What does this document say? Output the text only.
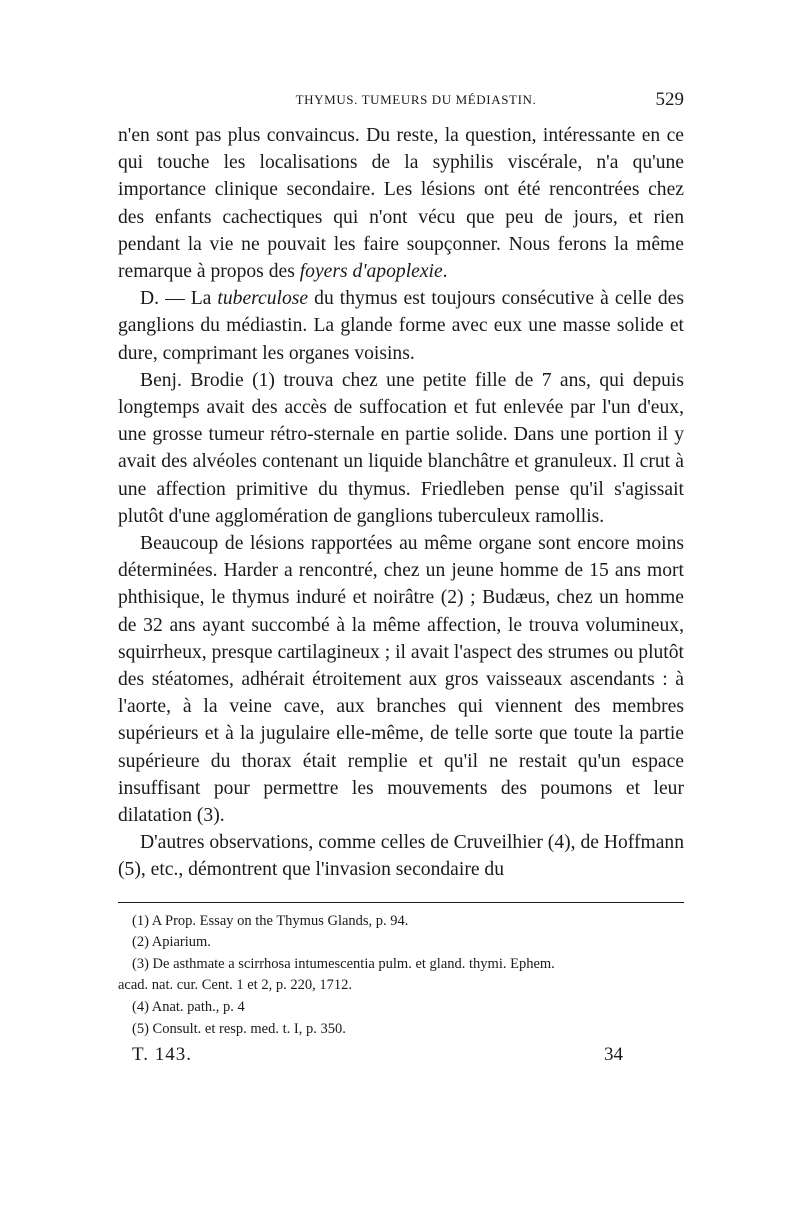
THYMUS. TUMEURS DU MÉDIASTIN.	529

n'en sont pas plus convaincus. Du reste, la question, intéressante en ce qui touche les localisations de la syphilis viscérale, n'a qu'une importance clinique secondaire. Les lésions ont été rencontrées chez des enfants cachectiques qui n'ont vécu que peu de jours, et rien pendant la vie ne pouvait les faire soupçonner. Nous ferons la même remarque à propos des foyers d'apoplexie.

D. — La tuberculose du thymus est toujours consécutive à celle des ganglions du médiastin. La glande forme avec eux une masse solide et dure, comprimant les organes voisins.

Benj. Brodie (1) trouva chez une petite fille de 7 ans, qui depuis longtemps avait des accès de suffocation et fut enlevée par l'un d'eux, une grosse tumeur rétro-sternale en partie solide. Dans une portion il y avait des alvéoles contenant un liquide blanchâtre et granuleux. Il crut à une affection primitive du thymus. Friedleben pense qu'il s'agissait plutôt d'une agglomération de ganglions tuberculeux ramollis.

Beaucoup de lésions rapportées au même organe sont encore moins déterminées. Harder a rencontré, chez un jeune homme de 15 ans mort phthisique, le thymus induré et noirâtre (2) ; Budæus, chez un homme de 32 ans ayant succombé à la même affection, le trouva volumineux, squirrheux, presque cartilagineux ; il avait l'aspect des strumes ou plutôt des stéatomes, adhérait étroitement aux gros vaisseaux ascendants : à l'aorte, à la veine cave, aux branches qui viennent des membres supérieurs et à la jugulaire elle-même, de telle sorte que toute la partie supérieure du thorax était remplie et qu'il ne restait qu'un espace insuffisant pour permettre les mouvements des poumons et leur dilatation (3).

D'autres observations, comme celles de Cruveilhier (4), de Hoffmann (5), etc., démontrent que l'invasion secondaire du

(1) A Prop. Essay on the Thymus Glands, p. 94.

(2) Apiarium.

(3) De asthmate a scirrhosa intumescentia pulm. et gland. thymi. Ephem.

acad. nat. cur. Cent. 1 et 2, p. 220, 1712.

(4) Anat. path., p. 4

(5) Consult. et resp. med. t. I, p. 350.

T. 143.	34
